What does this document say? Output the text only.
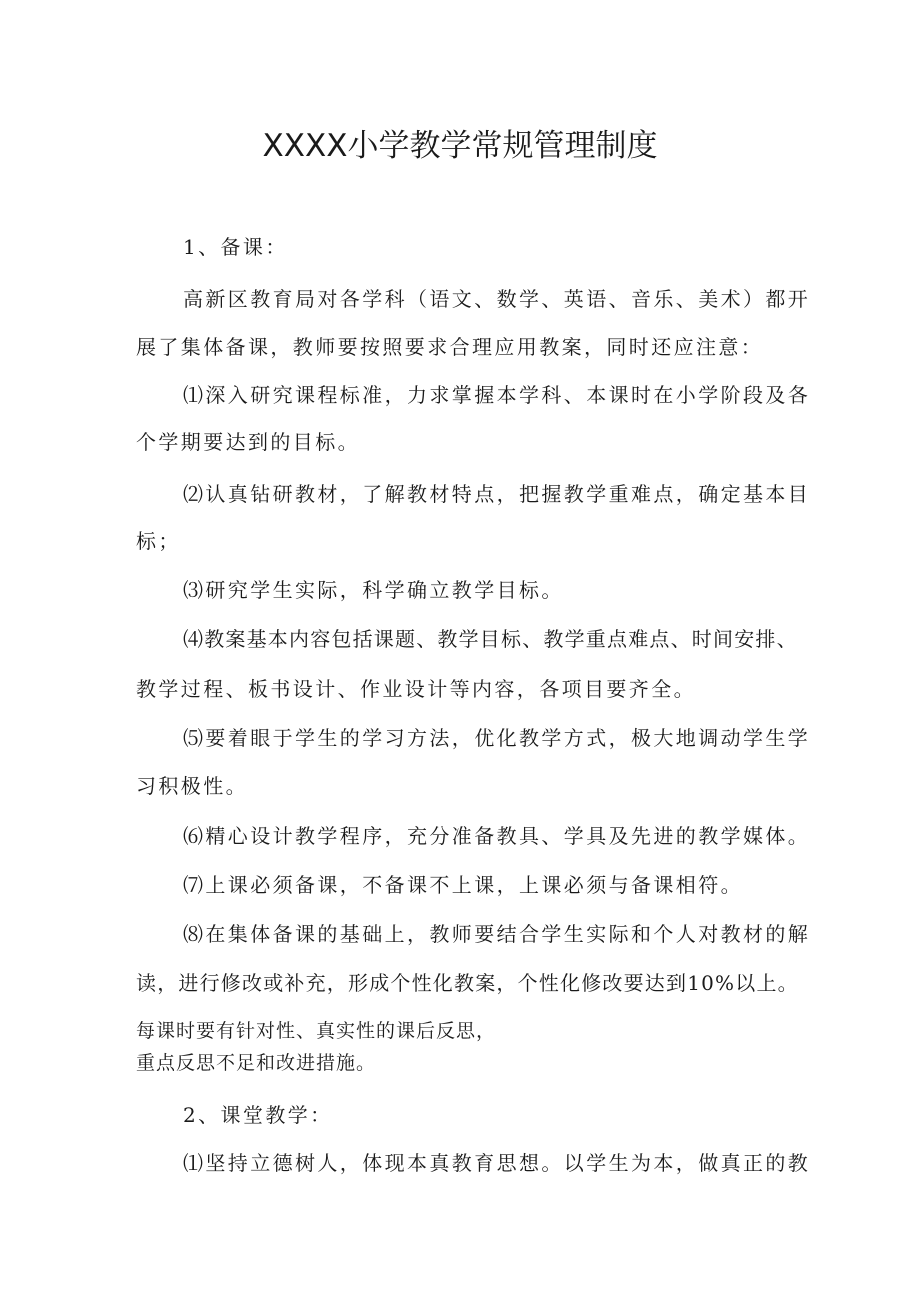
XXXX小学教学常规管理制度
1、备课：
高新区教育局对各学科（语文、数学、英语、音乐、美术）都开
展了集体备课，教师要按照要求合理应用教案，同时还应注意：
⑴深入研究课程标准，力求掌握本学科、本课时在小学阶段及各
个学期要达到的目标。
⑵认真钻研教材，了解教材特点，把握教学重难点，确定基本目
标；
⑶研究学生实际，科学确立教学目标。
⑷教案基本内容包括课题、教学目标、教学重点难点、时间安排、
教学过程、板书设计、作业设计等内容，各项目要齐全。
⑸要着眼于学生的学习方法，优化教学方式，极大地调动学生学
习积极性。
⑹精心设计教学程序，充分准备教具、学具及先进的教学媒体。
⑺上课必须备课，不备课不上课，上课必须与备课相符。
⑻在集体备课的基础上，教师要结合学生实际和个人对教材的解
读，进行修改或补充，形成个性化教案，个性化修改要达到10%以上。
每课时要有针对性、真实性的课后反思，
重点反思不足和改进措施。
2、课堂教学：
⑴坚持立德树人，体现本真教育思想。以学生为本，做真正的教
